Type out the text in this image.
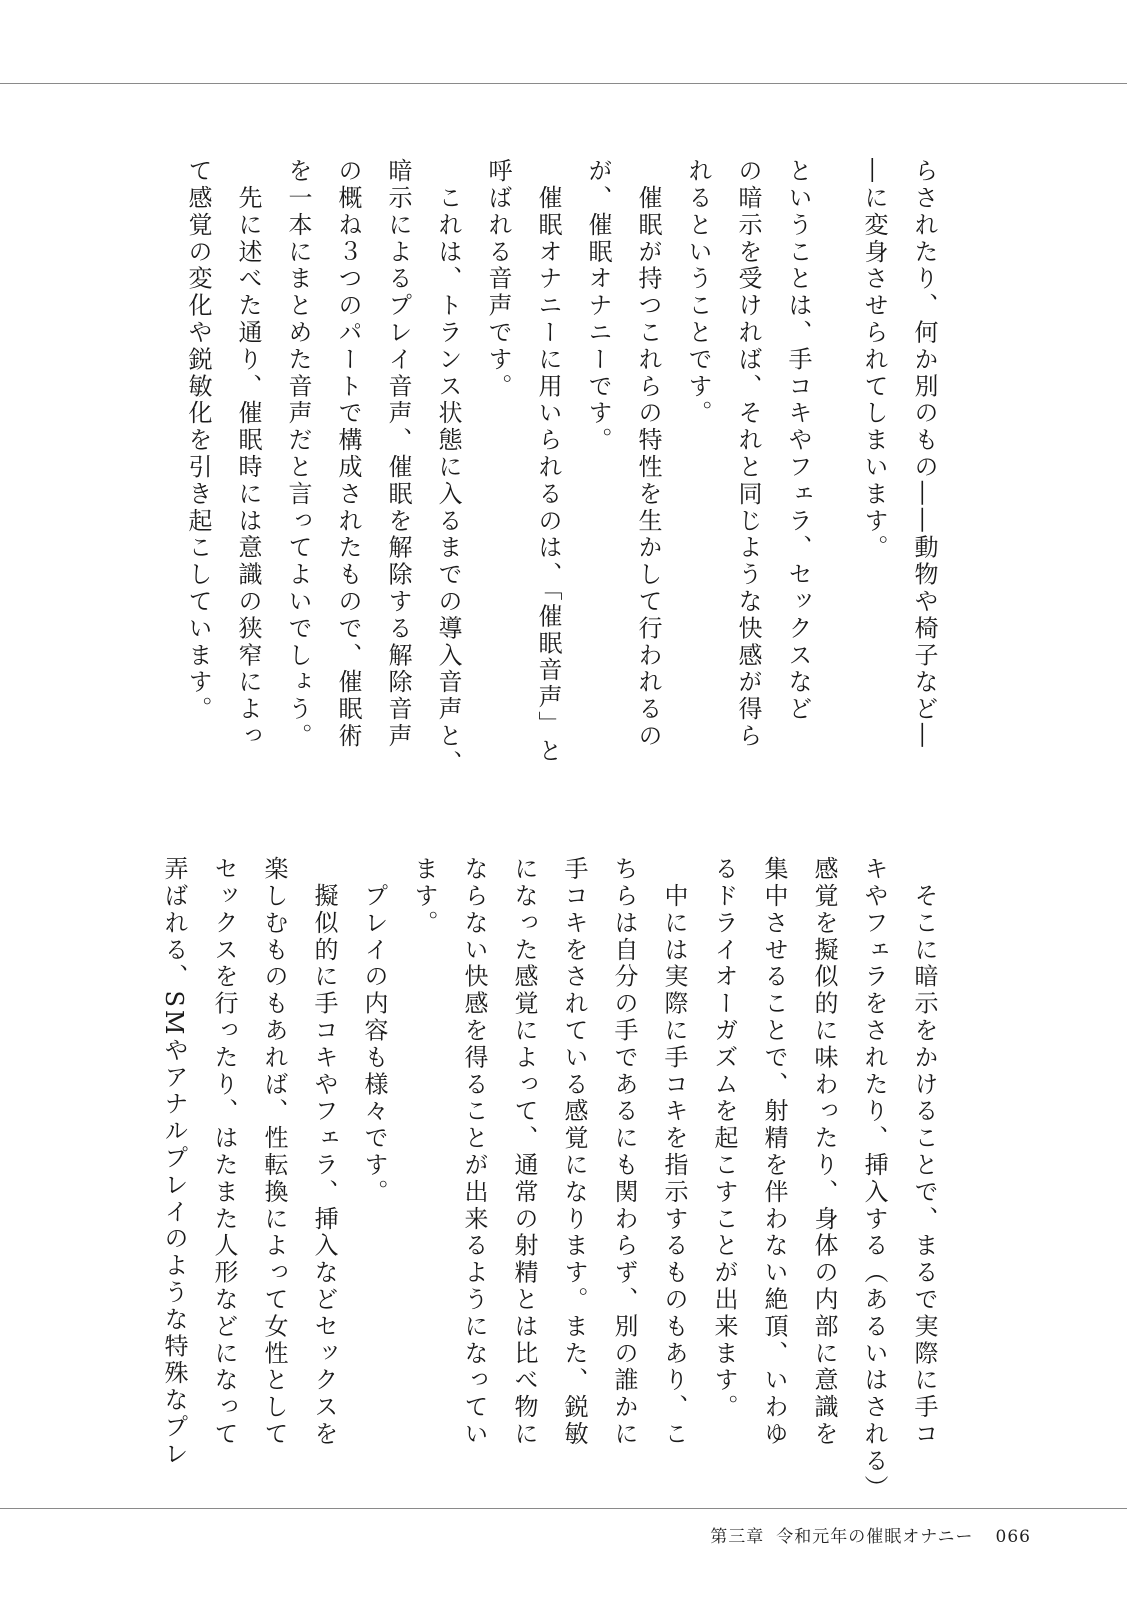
らされたり、何か別のもの――動物や椅子など―
―に変身させられてしまいます。
ということは、手コキやフェラ、セックスなど
の暗示を受ければ、それと同じような快感が得ら
れるということです。
　催眠が持つこれらの特性を生かして行われるの
が、催眠オナニーです。
　催眠オナニーに用いられるのは、「催眠音声」と
呼ばれる音声です。
　これは、トランス状態に入るまでの導入音声と、
暗示によるプレイ音声、催眠を解除する解除音声
の概ね３つのパートで構成されたもので、催眠術
を一本にまとめた音声だと言ってよいでしょう。
　先に述べた通り、催眠時には意識の狭窄によっ
て感覚の変化や鋭敏化を引き起こしています。
　そこに暗示をかけることで、まるで実際に手コ
キやフェラをされたり、挿入する（あるいはされる）
感覚を擬似的に味わったり、身体の内部に意識を
集中させることで、射精を伴わない絶頂、いわゆ
るドライオーガズムを起こすことが出来ます。
　中には実際に手コキを指示するものもあり、こ
ちらは自分の手であるにも関わらず、別の誰かに
手コキをされている感覚になります。また、鋭敏
になった感覚によって、通常の射精とは比べ物に
ならない快感を得ることが出来るようになってい
ます。
　プレイの内容も様々です。
　擬似的に手コキやフェラ、挿入などセックスを
楽しむものもあれば、性転換によって女性として
セックスを行ったり、はたまた人形などになって
弄ばれる、SMやアナルプレイのような特殊なプレ
第三章 令和元年の催眠オナニー 066
